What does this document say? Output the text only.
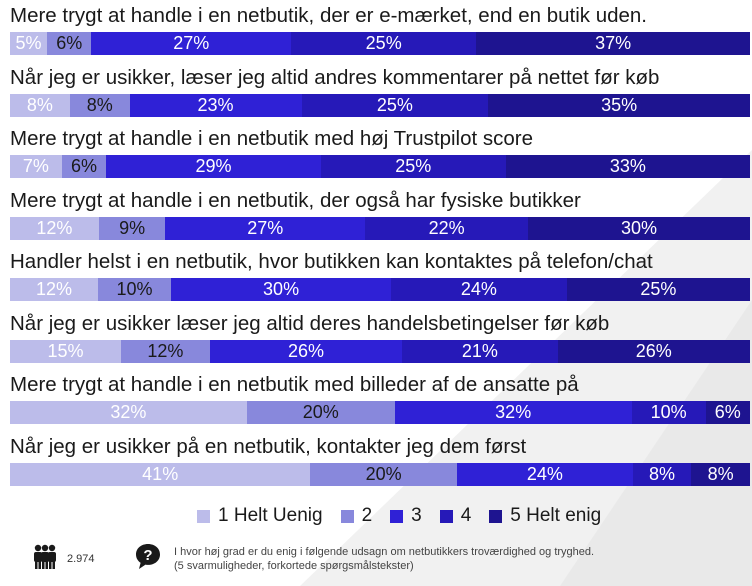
Mere trygt at handle i en netbutik, der er e-mærket, end en butik uden.
5% 6%	27%	25%	37%
Når jeg er usikker, læser jeg altid andres kommentarer på nettet før køb
8% 8%	23%	25%	35%
Mere trygt at handle i en netbutik med høj Trustpilot score
7% 6%	29%	25%	33%
Mere trygt at handle i en netbutik, der også har fysiske butikker
12%	9%	27%	22%	30%
Handler helst i en netbutik, hvor butikken kan kontaktes på telefon/chat
12% 10%	30%	24%	25%
Når jeg er usikker læser jeg altid deres handelsbetingelser før køb
15%	12%	26%	21%	26%
Mere trygt at handle i en netbutik med billeder af de ansatte på
32%	20%	32%	10% 6%
Når jeg er usikker på en netbutik, kontakter jeg dem først
41%	20%	24%	8% 8%
1 Helt Uenig 2 3 4 5 Helt enig
2.974	? I hvor høj grad er du enig i følgende udsagn om netbutikkers troværdighed og tryghed.
(5 svarmuligheder, forkortede spørgsmålstekster)
